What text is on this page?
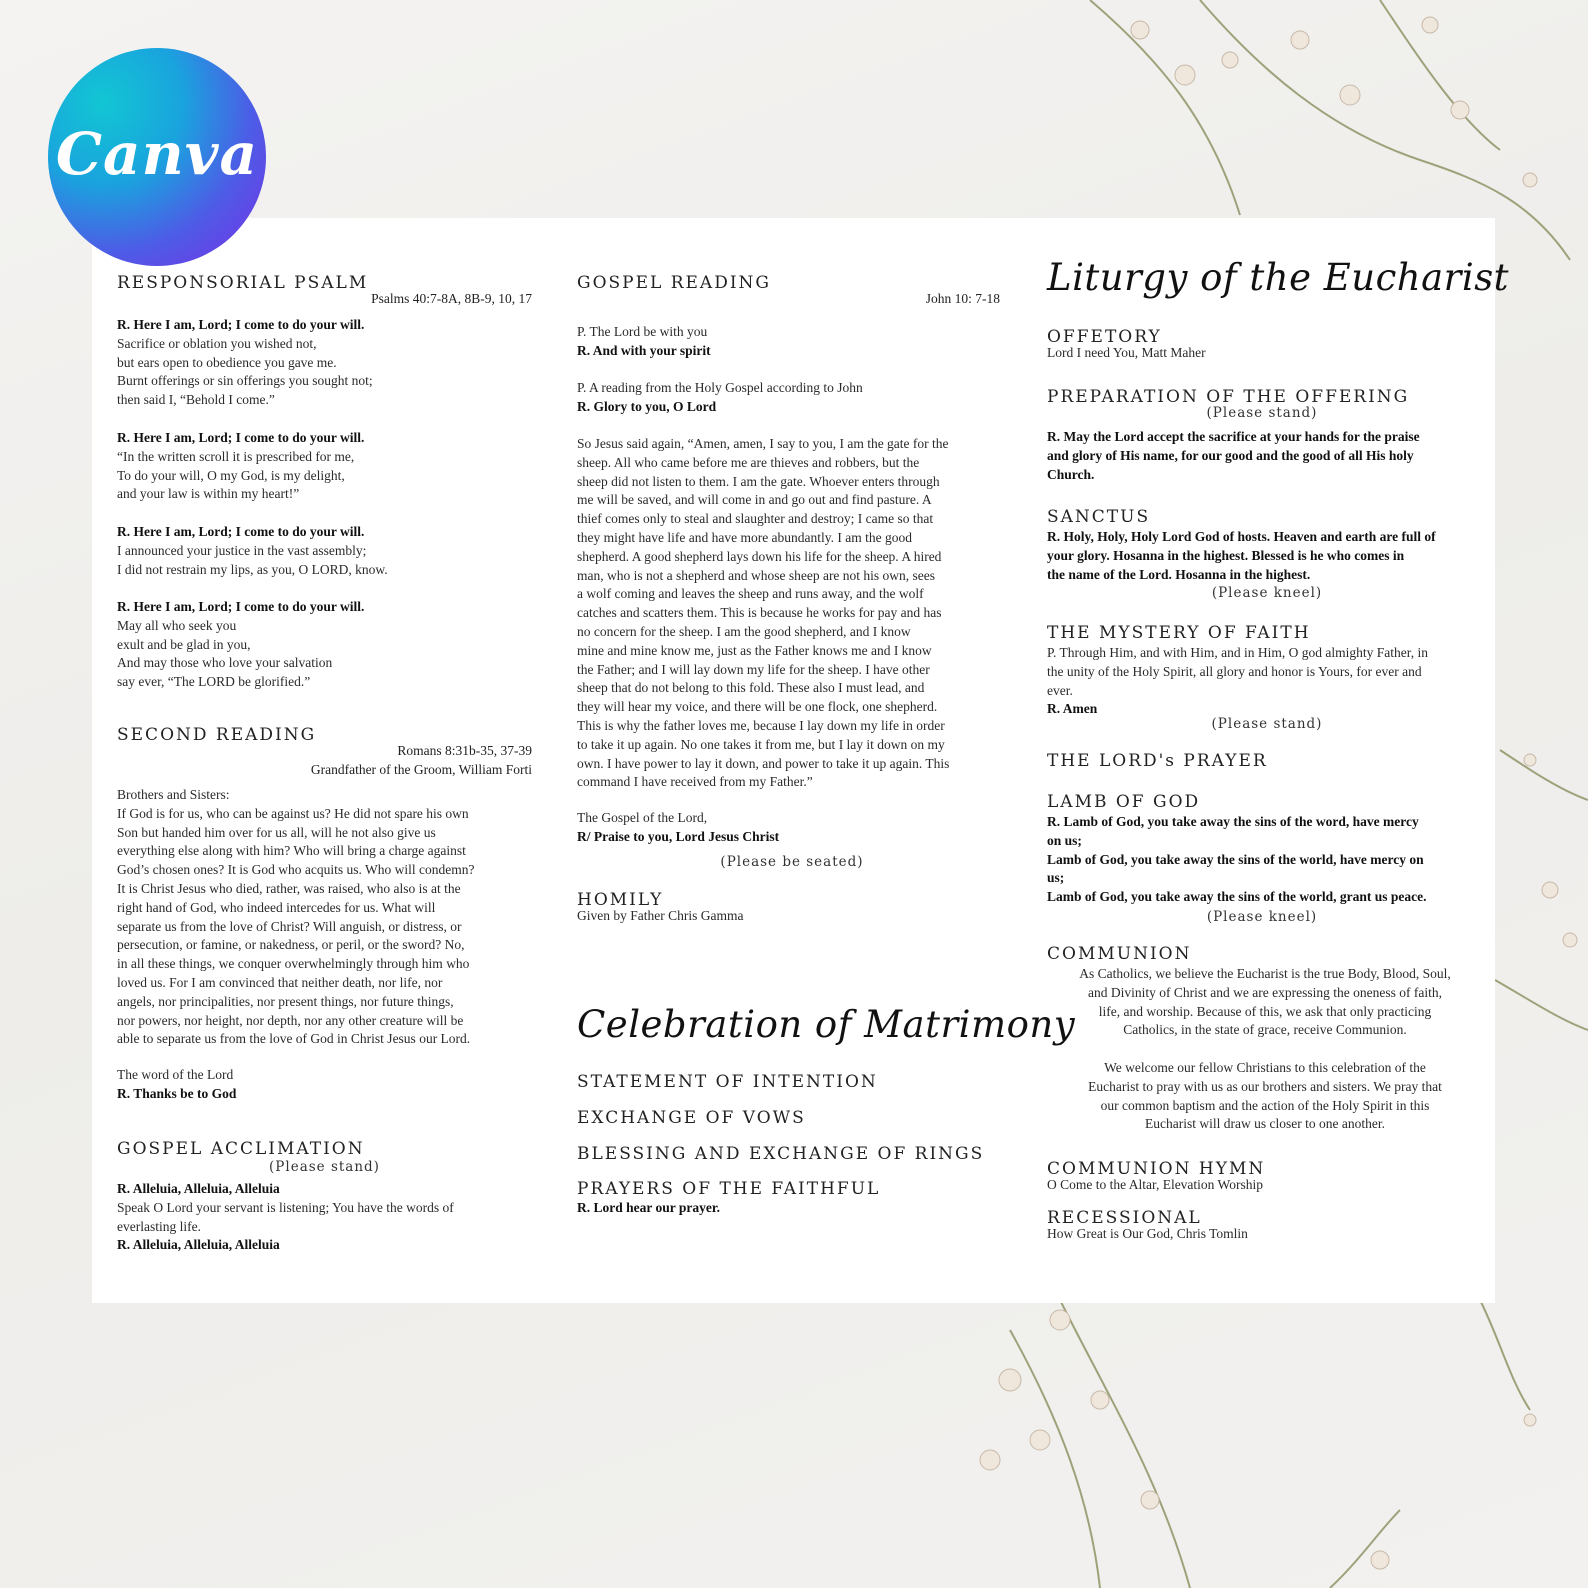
Canva
RESPONSORIAL PSALM
Psalms 40:7-8A, 8B-9, 10, 17
R. Here I am, Lord; I come to do your will.
Sacrifice or oblation you wished not,
but ears open to obedience you gave me.
Burnt offerings or sin offerings you sought not;
then said I, “Behold I come.”
R. Here I am, Lord; I come to do your will.
“In the written scroll it is prescribed for me,
To do your will, O my God, is my delight,
and your law is within my heart!”
R. Here I am, Lord; I come to do your will.
I announced your justice in the vast assembly;
I did not restrain my lips, as you, O LORD, know.
R. Here I am, Lord; I come to do your will.
May all who seek you
exult and be glad in you,
And may those who love your salvation
say ever, “The LORD be glorified.”
SECOND READING
Romans 8:31b-35, 37-39
Grandfather of the Groom, William Forti
Brothers and Sisters:
If God is for us, who can be against us? He did not spare his own
Son but handed him over for us all, will he not also give us
everything else along with him? Who will bring a charge against
God’s chosen ones? It is God who acquits us. Who will condemn?
It is Christ Jesus who died, rather, was raised, who also is at the
right hand of God, who indeed intercedes for us. What will
separate us from the love of Christ? Will anguish, or distress, or
persecution, or famine, or nakedness, or peril, or the sword? No,
in all these things, we conquer overwhelmingly through him who
loved us. For I am convinced that neither death, nor life, nor
angels, nor principalities, nor present things, nor future things,
nor powers, nor height, nor depth, nor any other creature will be
able to separate us from the love of God in Christ Jesus our Lord.
The word of the Lord
R. Thanks be to God
GOSPEL ACCLIMATION
(Please stand)
R. Alleluia, Alleluia, Alleluia
Speak O Lord your servant is listening; You have the words of
everlasting life.
R. Alleluia, Alleluia, Alleluia
GOSPEL READING
John 10: 7-18
P. The Lord be with you
R. And with your spirit
P. A reading from the Holy Gospel according to John
R. Glory to you, O Lord
So Jesus said again, “Amen, amen, I say to you, I am the gate for the
sheep. All who came before me are thieves and robbers, but the
sheep did not listen to them. I am the gate. Whoever enters through
me will be saved, and will come in and go out and find pasture. A
thief comes only to steal and slaughter and destroy; I came so that
they might have life and have more abundantly. I am the good
shepherd. A good shepherd lays down his life for the sheep. A hired
man, who is not a shepherd and whose sheep are not his own, sees
a wolf coming and leaves the sheep and runs away, and the wolf
catches and scatters them. This is because he works for pay and has
no concern for the sheep. I am the good shepherd, and I know
mine and mine know me, just as the Father knows me and I know
the Father; and I will lay down my life for the sheep. I have other
sheep that do not belong to this fold. These also I must lead, and
they will hear my voice, and there will be one flock, one shepherd.
This is why the father loves me, because I lay down my life in order
to take it up again. No one takes it from me, but I lay it down on my
own. I have power to lay it down, and power to take it up again. This
command I have received from my Father.”
The Gospel of the Lord,
R/ Praise to you, Lord Jesus Christ
(Please be seated)
HOMILY
Given by Father Chris Gamma
Celebration of Matrimony
STATEMENT OF INTENTION
EXCHANGE OF VOWS
BLESSING AND EXCHANGE OF RINGS
PRAYERS OF THE FAITHFUL
R. Lord hear our prayer.
Liturgy of the Eucharist
OFFETORY
Lord I need You, Matt Maher
PREPARATION OF THE OFFERING
(Please stand)
R. May the Lord accept the sacrifice at your hands for the praise
and glory of His name, for our good and the good of all His holy
Church.
SANCTUS
R. Holy, Holy, Holy Lord God of hosts. Heaven and earth are full of
your glory. Hosanna in the highest. Blessed is he who comes in
the name of the Lord. Hosanna in the highest.
(Please kneel)
THE MYSTERY OF FAITH
P. Through Him, and with Him, and in Him, O god almighty Father, in
the unity of the Holy Spirit, all glory and honor is Yours, for ever and
ever.
R. Amen
(Please stand)
THE LORD's PRAYER
LAMB OF GOD
R. Lamb of God, you take away the sins of the word, have mercy
on us;
Lamb of God, you take away the sins of the world, have mercy on
us;
Lamb of God, you take away the sins of the world, grant us peace.
(Please kneel)
COMMUNION
As Catholics, we believe the Eucharist is the true Body, Blood, Soul,
and Divinity of Christ and we are expressing the oneness of faith,
life, and worship. Because of this, we ask that only practicing
Catholics, in the state of grace, receive Communion.
We welcome our fellow Christians to this celebration of the
Eucharist to pray with us as our brothers and sisters. We pray that
our common baptism and the action of the Holy Spirit in this
Eucharist will draw us closer to one another.
COMMUNION HYMN
O Come to the Altar, Elevation Worship
RECESSIONAL
How Great is Our God, Chris Tomlin
